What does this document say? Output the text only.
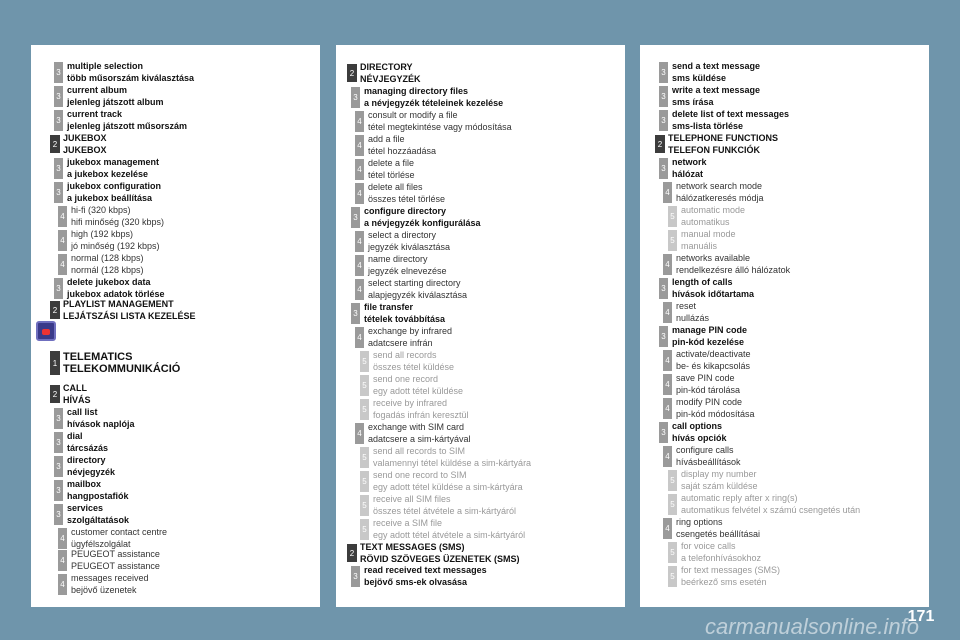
171
carmanualsonline.info
3
multiple selection
több műsorszám kiválasztása
3
current album
jelenleg játszott album
3
current track
jelenleg játszott műsorszám
2
JUKEBOX
JUKEBOX
3
jukebox management
a jukebox kezelése
3
jukebox configuration
a jukebox beállítása
4
hi-fi (320 kbps)
hifi minőség (320 kbps)
4
high (192 kbps)
jó minőség (192 kbps)
4
normal (128 kbps)
normál (128 kbps)
3
delete jukebox data
jukebox adatok törlése
2
PLAYLIST MANAGEMENT
LEJÁTSZÁSI LISTA KEZELÉSE
1 TELEMATICS
TELEKOMMUNIKÁCIÓ
2
CALL
HÍVÁS
3
call list
hívások naplója
3
dial
tárcsázás
3
directory
névjegyzék
3
mailbox
hangpostafiók
3
services
szolgáltatások
4
customer contact centre
ügyfélszolgálat
4
PEUGEOT assistance
PEUGEOT assistance
4
messages received
bejövő üzenetek
2
DIRECTORY
NÉVJEGYZÉK
3
managing directory files
a névjegyzék tételeinek kezelése
4
consult or modify a file
tétel megtekintése vagy módosítása
4
add a file
tétel hozzáadása
4
delete a file
tétel törlése
4
delete all files
összes tétel törlése
3
configure directory
a névjegyzék konfigurálása
4
select a directory
jegyzék kiválasztása
4
name directory
jegyzék elnevezése
4
select starting directory
alapjegyzék kiválasztása
3
file transfer
tételek továbbítása
4
exchange by infrared
adatcsere infrán
5
send all records
összes tétel küldése
5
send one record
egy adott tétel küldése
5
receive by infrared
fogadás infrán keresztül
4
exchange with SIM card
adatcsere a sim-kártyával
5
send all records to SIM
valamennyi tétel küldése a sim-kártyára
5
send one record to SIM
egy adott tétel küldése a sim-kártyára
5
receive all SIM files
összes tétel átvétele a sim-kártyáról
5
receive a SIM file
egy adott tétel átvétele a sim-kártyáról
2
TEXT MESSAGES (SMS)
RÖVID SZÖVEGES ÜZENETEK (SMS)
3
read received text messages
bejövő sms-ek olvasása
3
send a text message
sms küldése
3
write a text message
sms írása
3
delete list of text messages
sms-lista törlése
2
TELEPHONE FUNCTIONS
TELEFON FUNKCIÓK
3
network
hálózat
4
network search mode
hálózatkeresés módja
5
automatic mode
automatikus
5
manual mode
manuális
4
networks available
rendelkezésre álló hálózatok
3
length of calls
hívások időtartama
4
reset
nullázás
3
manage PIN code
pin-kód kezelése
4
activate/deactivate
be- és kikapcsolás
4
save PIN code
pin-kód tárolása
4
modify PIN code
pin-kód módosítása
3
call options
hívás opciók
4
configure calls
hívásbeállítások
5
display my number
saját szám küldése
5
automatic reply after x ring(s)
automatikus felvétel x számú csengetés után
4
ring options
csengetés beállításai
5
for voice calls
a telefonhívásokhoz
5
for text messages (SMS)
beérkező sms esetén
